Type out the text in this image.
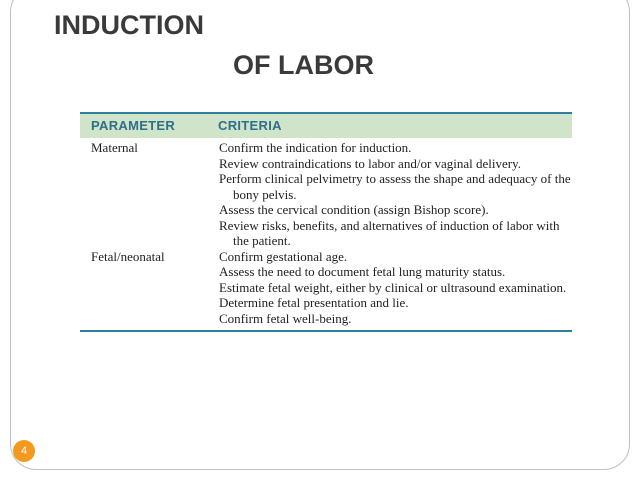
INDUCTION
OF LABOR
PARAMETER	CRITERIA
Maternal	Confirm the indication for induction.
Review contraindications to labor and/or vaginal delivery.
Perform clinical pelvimetry to assess the shape and adequacy of the bony pelvis.
Assess the cervical condition (assign Bishop score).
Review risks, benefits, and alternatives of induction of labor with the patient.
Fetal/neonatal	Confirm gestational age.
Assess the need to document fetal lung maturity status.
Estimate fetal weight, either by clinical or ultrasound examination.
Determine fetal presentation and lie.
Confirm fetal well-being.
4
